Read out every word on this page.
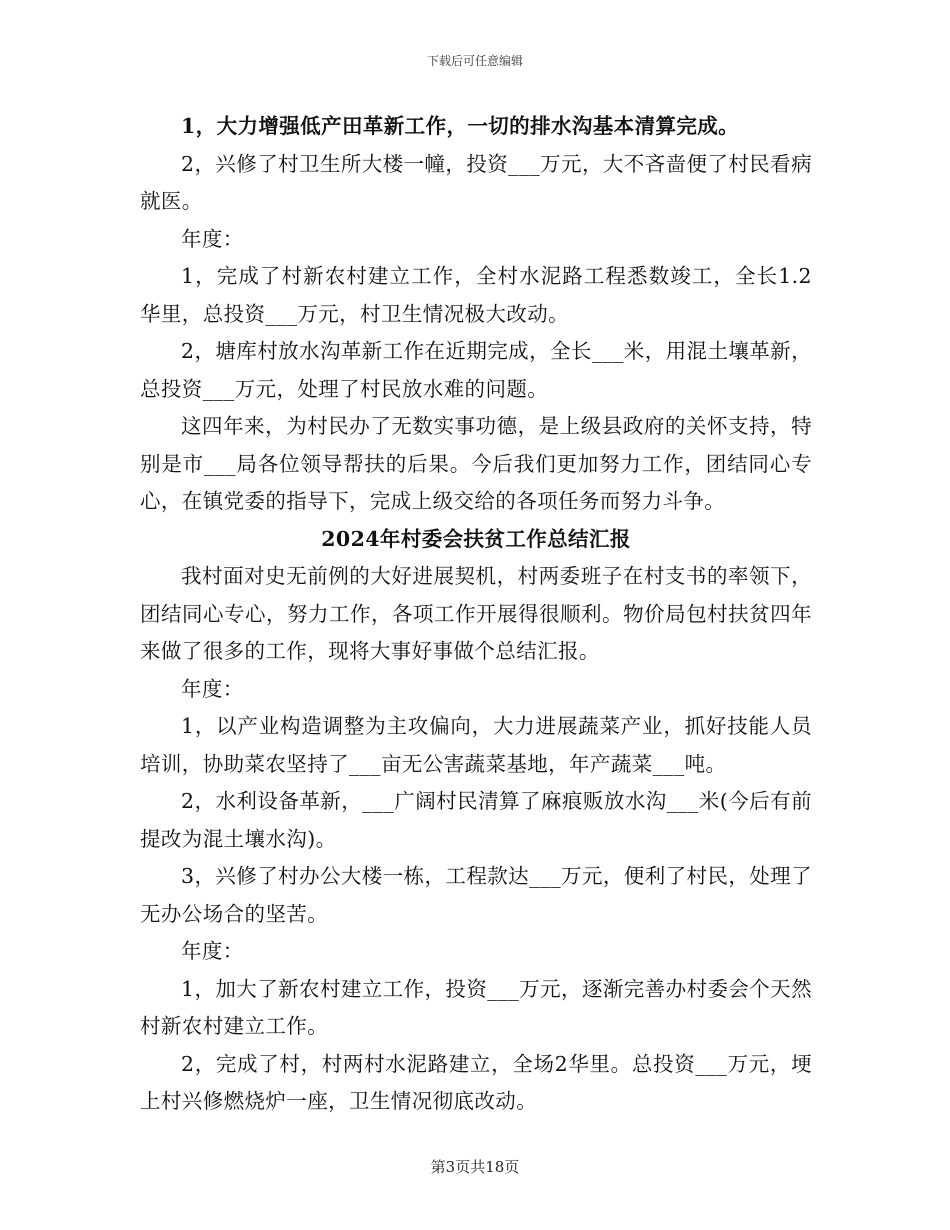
下载后可任意编辑

1，大力增强低产田革新工作，一切的排水沟基本清算完成。

2，兴修了村卫生所大楼一幢，投资___万元，大不吝啬便了村民看病就医。

年度：

1，完成了村新农村建立工作，全村水泥路工程悉数竣工，全长1.2华里，总投资___万元，村卫生情况极大改动。

2，塘库村放水沟革新工作在近期完成，全长___米，用混土壤革新，总投资___万元，处理了村民放水难的问题。

这四年来，为村民办了无数实事功德，是上级县政府的关怀支持，特别是市___局各位领导帮扶的后果。今后我们更加努力工作，团结同心专心，在镇党委的指导下，完成上级交给的各项任务而努力斗争。

2024年村委会扶贫工作总结汇报

我村面对史无前例的大好进展契机，村两委班子在村支书的率领下，团结同心专心，努力工作，各项工作开展得很顺利。物价局包村扶贫四年来做了很多的工作，现将大事好事做个总结汇报。

年度：

1，以产业构造调整为主攻偏向，大力进展蔬菜产业，抓好技能人员培训，协助菜农坚持了___亩无公害蔬菜基地，年产蔬菜___吨。

2，水利设备革新，___广阔村民清算了麻痕贩放水沟___米(今后有前提改为混土壤水沟)。

3，兴修了村办公大楼一栋，工程款达___万元，便利了村民，处理了无办公场合的坚苦。

年度：

1，加大了新农村建立工作，投资___万元，逐渐完善办村委会个天然村新农村建立工作。

2，完成了村，村两村水泥路建立，全场2华里。总投资___万元，埂上村兴修燃烧炉一座，卫生情况彻底改动。

第3页共18页
